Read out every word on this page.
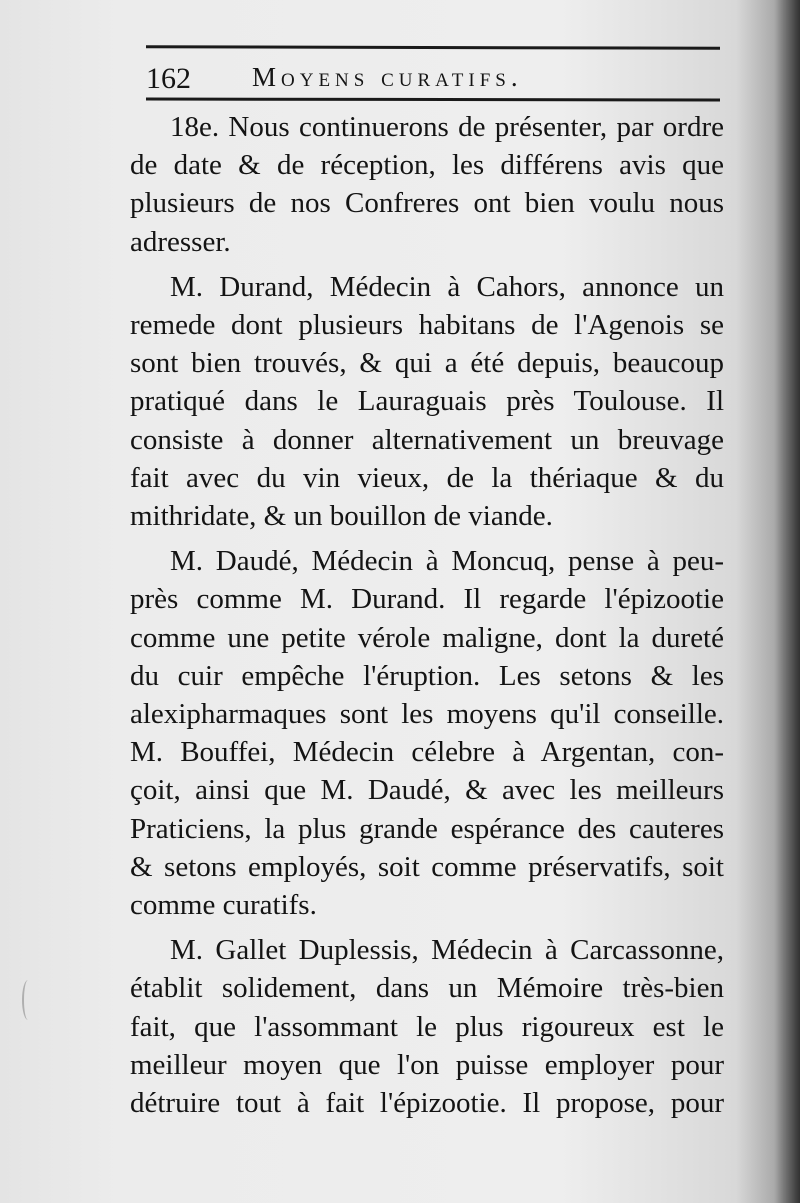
162 Moyens curatifs.

18e. Nous continuerons de présenter, par ordre
de date & de réception, les différens avis que
plusieurs de nos Confreres ont bien voulu nous
adresser.

M. Durand, Médecin à Cahors, annonce un
remede dont plusieurs habitans de l'Agenois se
sont bien trouvés, & qui a été depuis, beaucoup
pratiqué dans le Lauraguais près Toulouse. Il
consiste à donner alternativement un breuvage
fait avec du vin vieux, de la thériaque & du
mithridate, & un bouillon de viande.

M. Daudé, Médecin à Moncuq, pense à peu-
près comme M. Durand. Il regarde l'épizootie
comme une petite vérole maligne, dont la dureté
du cuir empêche l'éruption. Les setons & les
alexipharmaques sont les moyens qu'il conseille.
M. Bouffei, Médecin célebre à Argentan, con-
çoit, ainsi que M. Daudé, & avec les meilleurs
Praticiens, la plus grande espérance des cauteres
& setons employés, soit comme préservatifs, soit
comme curatifs.

M. Gallet Duplessis, Médecin à Carcassonne,
établit solidement, dans un Mémoire très-bien
fait, que l'assommant le plus rigoureux est le
meilleur moyen que l'on puisse employer pour
détruire tout à fait l'épizootie. Il propose, pour
